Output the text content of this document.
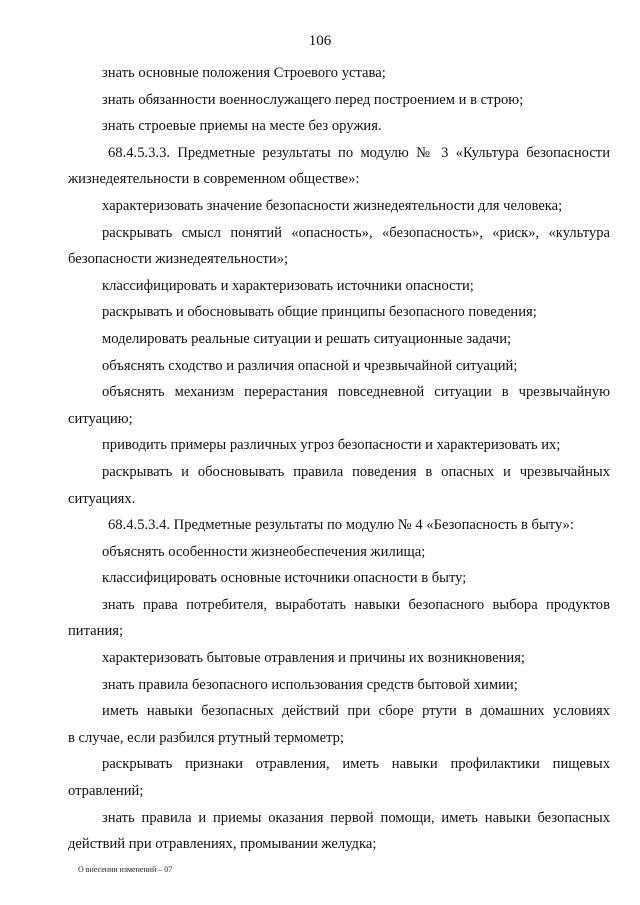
106
знать основные положения Строевого устава;
знать обязанности военнослужащего перед построением и в строю;
знать строевые приемы на месте без оружия.
68.4.5.3.3. Предметные результаты по модулю № 3 «Культура безопасности
жизнедеятельности в современном обществе»:
характеризовать значение безопасности жизнедеятельности для человека;
раскрывать смысл понятий «опасность», «безопасность», «риск», «культура
безопасности жизнедеятельности»;
классифицировать и характеризовать источники опасности;
раскрывать и обосновывать общие принципы безопасного поведения;
моделировать реальные ситуации и решать ситуационные задачи;
объяснять сходство и различия опасной и чрезвычайной ситуаций;
объяснять механизм перерастания повседневной ситуации в чрезвычайную
ситуацию;
приводить примеры различных угроз безопасности и характеризовать их;
раскрывать и обосновывать правила поведения в опасных и чрезвычайных
ситуациях.
68.4.5.3.4. Предметные результаты по модулю № 4 «Безопасность в быту»:
объяснять особенности жизнеобеспечения жилища;
классифицировать основные источники опасности в быту;
знать права потребителя, выработать навыки безопасного выбора продуктов
питания;
характеризовать бытовые отравления и причины их возникновения;
знать правила безопасного использования средств бытовой химии;
иметь навыки безопасных действий при сборе ртути в домашних условиях
в случае, если разбился ртутный термометр;
раскрывать признаки отравления, иметь навыки профилактики пищевых
отравлений;
знать правила и приемы оказания первой помощи, иметь навыки безопасных
действий при отравлениях, промывании желудка;
О внесении изменений – 07
